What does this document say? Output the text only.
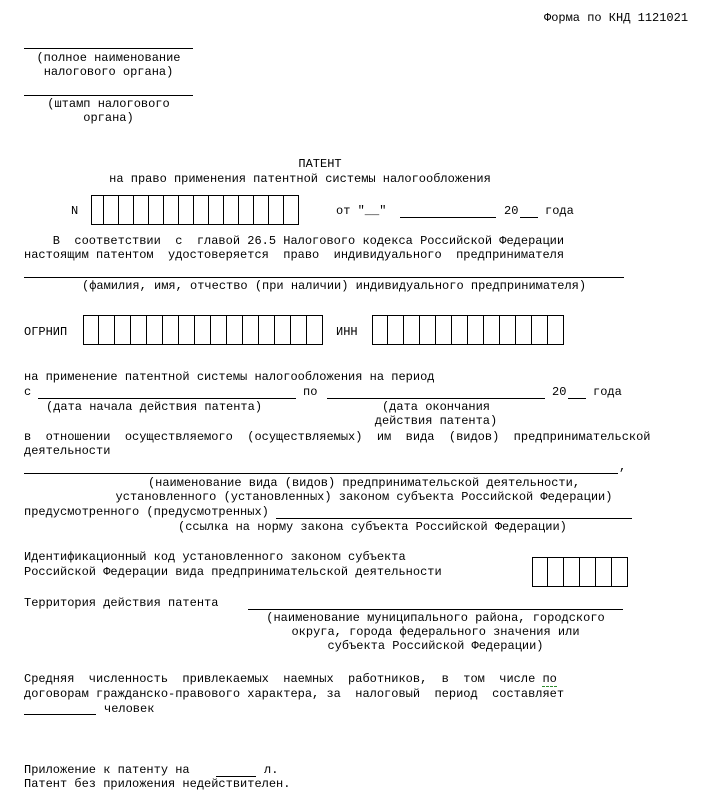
Форма по КНД 1121021
(полное наименование
налогового органа)
(штамп налогового
органа)
ПАТЕНТ
на право применения патентной системы налогообложения
N	от "__"	20 года
В  соответствии  с  главой 26.5 Налогового кодекса Российской Федерации
настоящим патентом  удостоверяется  право  индивидуального  предпринимателя
(фамилия, имя, отчество (при наличии) индивидуального предпринимателя)
ОГРНИП	ИНН
на применение патентной системы налогообложения на период
с	по	20 года
(дата начала действия патента)	(дата окончания
действия патента)
в  отношении  осуществляемого  (осуществляемых)  им  вида  (видов)  предпринимательской
деятельности
,
(наименование вида (видов) предпринимательской деятельности,
установленного (установленных) законом субъекта Российской Федерации)
предусмотренного (предусмотренных)
(ссылка на норму закона субъекта Российской Федерации)
Идентификационный код установленного законом субъекта
Российской Федерации вида предпринимательской деятельности
Территория действия патента
(наименование муниципального района, городского
округа, города федерального значения или
субъекта Российской Федерации)
Средняя  численность  привлекаемых  наемных  работников,  в  том  числе по
договорам гражданско-правового характера, за  налоговый  период  составляет
человек
Приложение к патенту на	л.
Патент без приложения недействителен.
